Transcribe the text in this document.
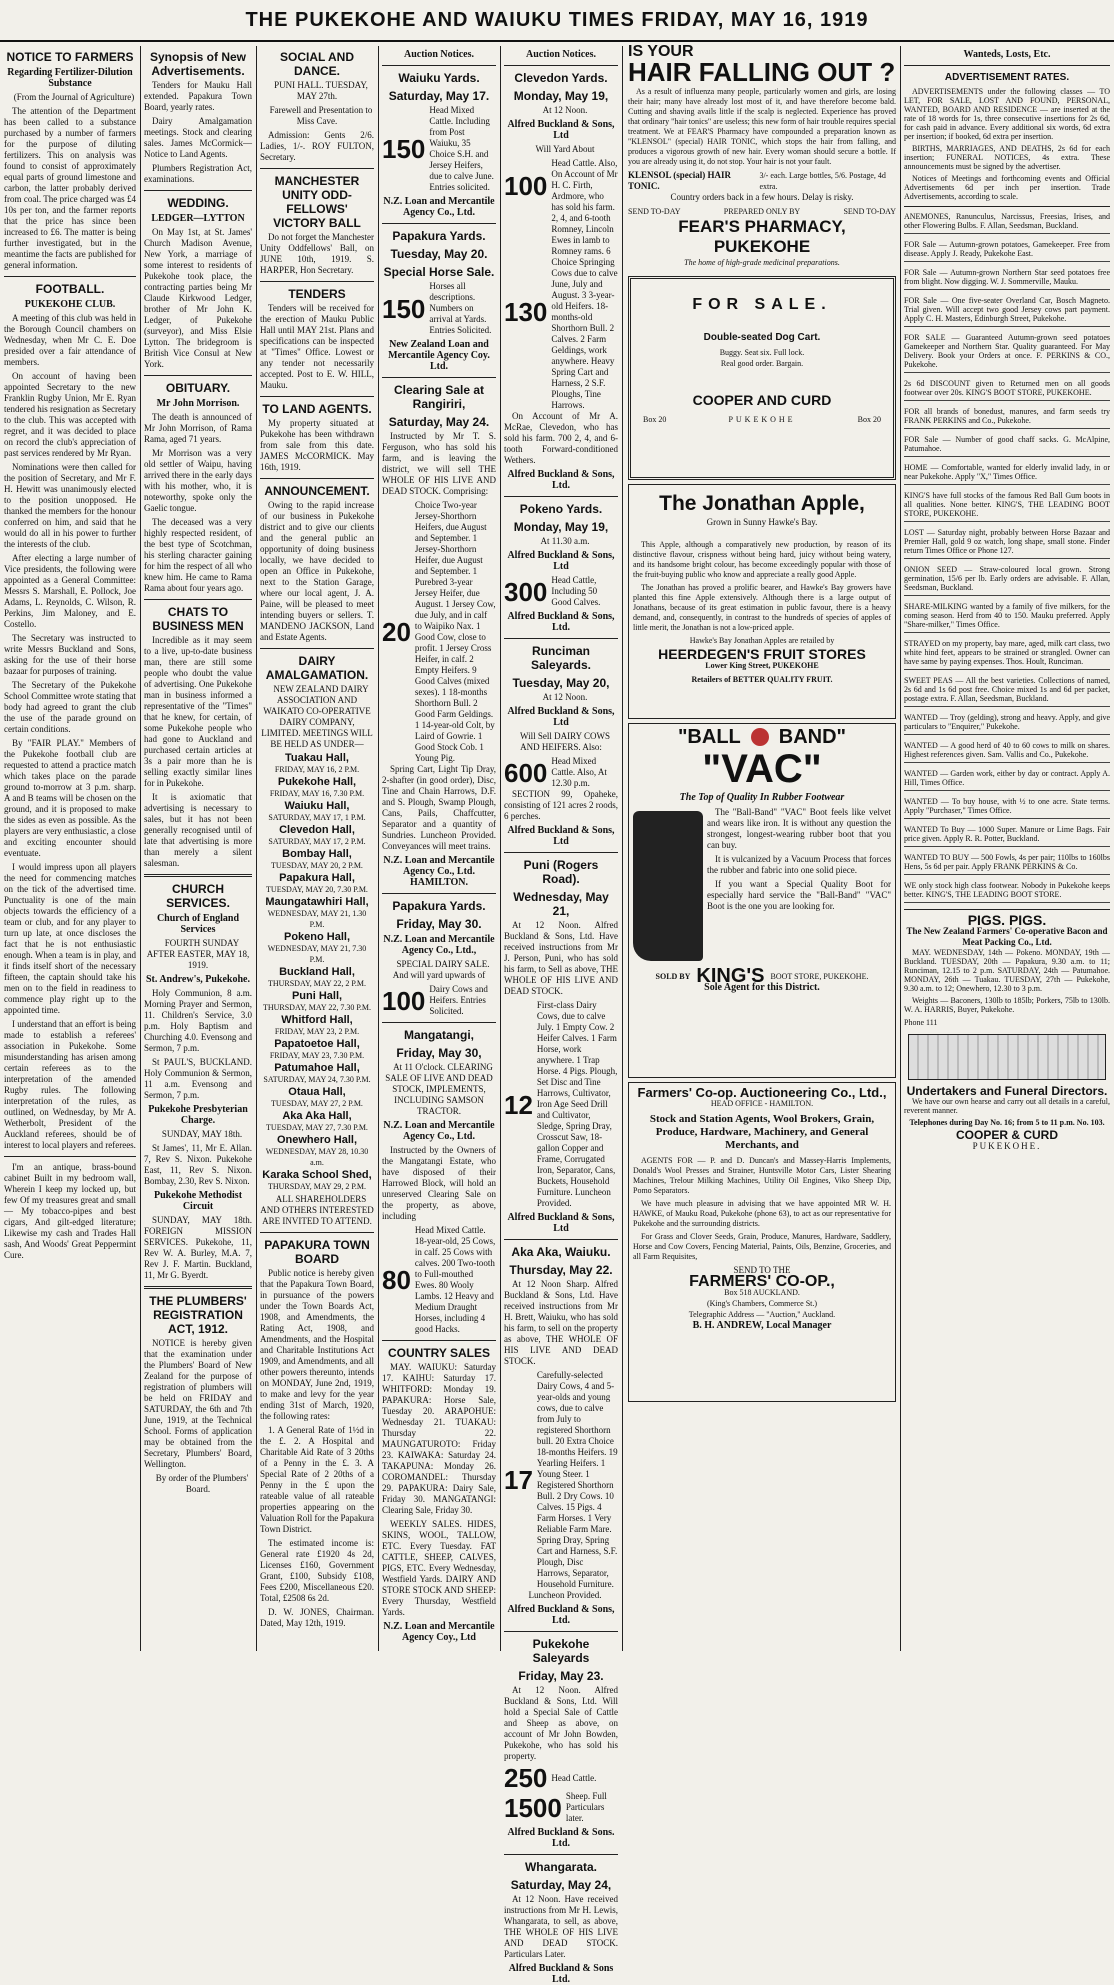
THE PUKEKOHE AND WAIUKU TIMES FRIDAY, MAY 16, 1919
NOTICE TO FARMERS
Regarding Fertilizer-Dilution Substance

(From the Journal of Agriculture)

The attention of the Department has been called to a substance purchased by a number of farmers for the purpose of diluting fertilizers. This on analysis was found to consist of approximately equal parts of ground limestone and carbon, the latter probably derived from coal. The price charged was £4 10s per ton, and the farmer reports that the price has since been increased to £6. The matter is being further investigated, but in the meantime the facts are published for general information.

FOOTBALL.
PUKEKOHE CLUB.

A meeting of this club was held in the Borough Council chambers on Wednesday, when Mr C. E. Doe presided over a fair attendance of members.

On account of having been appointed Secretary to the new Franklin Rugby Union, Mr E. Ryan tendered his resignation as Secretary to the club. This was accepted with regret, and it was decided to place on record the club's appreciation of past services rendered by Mr Ryan.

Nominations were then called for the position of Secretary, and Mr F. H. Hewitt was unanimously elected to the position unopposed. He thanked the members for the honour conferred on him, and said that he would do all in his power to further the interests of the club.

After electing a large number of Vice presidents, the following were appointed as a General Committee: Messrs S. Marshall, E. Pollock, Joe Adams, L. Reynolds, C. Wilson, R. Perkins, Jim Maloney, and E. Costello.

The Secretary was instructed to write Messrs Buckland and Sons, asking for the use of their horse bazaar for purposes of training.

The Secretary of the Pukekohe School Committee wrote stating that body had agreed to grant the club the use of the parade ground on certain conditions.

By "FAIR PLAY." Members of the Pukekohe football club are requested to attend a practice match which takes place on the parade ground to-morrow at 3 p.m. sharp. A and B teams will be chosen on the ground, and it is proposed to make the sides as even as possible. As the players are very enthusiastic, a close and exciting encounter should eventuate.

I would impress upon all players the need for commencing matches on the tick of the advertised time. Punctuality is one of the main objects towards the efficiency of a team or club, and for any player to turn up late, at once discloses the fact that he is not enthusiastic enough. When a team is in play, and it finds itself short of the necessary fifteen, the captain should take his men on to the field in readiness to commence play right up to the appointed time.

I understand that an effort is being made to establish a referees' association in Pukekohe. Some misunderstanding has arisen among certain referees as to the interpretation of the amended Rugby rules. The following interpretation of the rules, as outlined, on Wednesday, by Mr A. Wetherbolt, President of the Auckland referees, should be of interest to local players and referees.

I'm an antique, brass-bound cabinet Built in my bedroom wall, Wherein I keep my locked up, but few Of my treasures great and small — My tobacco-pipes and best cigars, And gilt-edged literature; Likewise my cash and Trades Hall sash, And Woods' Great Peppermint Cure.

Synopsis of New Advertisements.

Tenders for Mauku Hall extended. Papakura Town Board, yearly rates.

Dairy Amalgamation meetings. Stock and clearing sales. James McCormick—Notice to Land Agents.

Plumbers Registration Act, examinations.

WEDDING.
LEDGER—LYTTON

On May 1st, at St. James' Church Madison Avenue, New York, a marriage of some interest to residents of Pukekohe took place, the contracting parties being Mr Claude Kirkwood Ledger, brother of Mr John K. Ledger, of Pukekohe (surveyor), and Miss Elsie Lytton. The bridegroom is British Vice Consul at New York.

OBITUARY.
Mr John Morrison.

The death is announced of Mr John Morrison, of Rama Rama, aged 71 years.

Mr Morrison was a very old settler of Waipu, having arrived there in the early days with his mother, who, it is noteworthy, spoke only the Gaelic tongue.

The deceased was a very highly respected resident, of the best type of Scotchman, his sterling character gaining for him the respect of all who knew him. He came to Rama Rama about four years ago.

CHATS TO BUSINESS MEN

Incredible as it may seem to a live, up-to-date business man, there are still some people who doubt the value of advertising. One Pukekohe man in business informed a representative of the "Times" that he knew, for certain, of some Pukekohe people who had gone to Auckland and purchased certain articles at 3s a pair more than he is selling exactly similar lines for in Pukekohe.

It is axiomatic that advertising is necessary to sales, but it has not been generally recognised until of late that advertising is more than merely a silent salesman.

CHURCH SERVICES.
Church of England Services

FOURTH SUNDAY AFTER EASTER, MAY 18, 1919.

St. Andrew's, Pukekohe.

Holy Communion, 8 a.m. Morning Prayer and Sermon, 11. Children's Service, 3.0 p.m. Holy Baptism and Churching 4.0. Evensong and Sermon, 7 p.m.

St PAUL'S, BUCKLAND. Holy Communion & Sermon, 11 a.m. Evensong and Sermon, 7 p.m.

Pukekohe Presbyterian Charge.

SUNDAY, MAY 18th.

St James', 11, Mr E. Allan. 7, Rev S. Nixon. Pukekohe East, 11, Rev S. Nixon. Bombay, 2.30, Rev S. Nixon.

Pukekohe Methodist Circuit

SUNDAY, MAY 18th. FOREIGN MISSION SERVICES. Pukekohe, 11, Rev W. A. Burley, M.A. 7, Rev J. F. Martin. Buckland, 11, Mr G. Byerdt.

THE PLUMBERS' REGISTRATION ACT, 1912.

NOTICE is hereby given that the examination under the Plumbers' Board of New Zealand for the purpose of registration of plumbers will be held on FRIDAY and SATURDAY, the 6th and 7th June, 1919, at the Technical School. Forms of application may be obtained from the Secretary, Plumbers' Board, Wellington.

By order of the Plumbers' Board.

SOCIAL AND DANCE.

PUNI HALL. TUESDAY, MAY 27th.

Farewell and Presentation to Miss Cave.

Admission: Gents 2/6. Ladies, 1/-. ROY FULTON, Secretary.

MANCHESTER UNITY ODD-FELLOWS' VICTORY BALL

Do not forget the Manchester Unity Oddfellows' Ball, on JUNE 10th, 1919. S. HARPER, Hon Secretary.

TENDERS

Tenders will be received for the erection of Mauku Public Hall until MAY 21st. Plans and specifications can be inspected at "Times" Office. Lowest or any tender not necessarily accepted. Post to E. W. HILL, Mauku.

TO LAND AGENTS.

My property situated at Pukekohe has been withdrawn from sale from this date. JAMES McCORMICK. May 16th, 1919.

ANNOUNCEMENT.

Owing to the rapid increase of our business in Pukekohe district and to give our clients and the general public an opportunity of doing business locally, we have decided to open an Office in Pukekohe, next to the Station Garage, where our local agent, J. A. Paine, will be pleased to meet intending buyers or sellers. T. MANDENO JACKSON, Land and Estate Agents.

DAIRY AMALGAMATION.

NEW ZEALAND DAIRY ASSOCIATION AND WAIKATO CO-OPERATIVE DAIRY COMPANY, LIMITED. MEETINGS WILL BE HELD AS UNDER—

Tuakau Hall,
FRIDAY, MAY 16, 2 P.M.
Pukekohe Hall,
FRIDAY, MAY 16, 7.30 P.M.
Waiuku Hall,
SATURDAY, MAY 17, 1 P.M.
Clevedon Hall,
SATURDAY, MAY 17, 2 P.M.
Bombay Hall,
TUESDAY, MAY 20, 2 P.M.
Papakura Hall,
TUESDAY, MAY 20, 7.30 P.M.
Maungatawhiri Hall,
WEDNESDAY, MAY 21, 1.30 P.M.
Pokeno Hall,
WEDNESDAY, MAY 21, 7.30 P.M.
Buckland Hall,
THURSDAY, MAY 22, 2 P.M.
Puni Hall,
THURSDAY, MAY 22, 7.30 P.M.
Whitford Hall,
FRIDAY, MAY 23, 2 P.M.
Papatoetoe Hall,
FRIDAY, MAY 23, 7.30 P.M.
Patumahoe Hall,
SATURDAY, MAY 24, 7.30 P.M.
Otaua Hall,
TUESDAY, MAY 27, 2 P.M.
Aka Aka Hall,
TUESDAY, MAY 27, 7.30 P.M.
Onewhero Hall,
WEDNESDAY, MAY 28, 10.30 a.m.
Karaka School Shed,
THURSDAY, MAY 29, 2 P.M.

ALL SHAREHOLDERS AND OTHERS INTERESTED ARE INVITED TO ATTEND.

PAPAKURA TOWN BOARD

Public notice is hereby given that the Papakura Town Board, in pursuance of the powers under the Town Boards Act, 1908, and Amendments, the Rating Act, 1908, and Amendments, and the Hospital and Charitable Institutions Act 1909, and Amendments, and all other powers thereunto, intends on MONDAY, June 2nd, 1919, to make and levy for the year ending 31st of March, 1920, the following rates:

1. A General Rate of 1½d in the £. 2. A Hospital and Charitable Aid Rate of 3 20ths of a Penny in the £. 3. A Special Rate of 2 20ths of a Penny in the £ upon the rateable value of all rateable properties appearing on the Valuation Roll for the Papakura Town District.

The estimated income is: General rate £1920 4s 2d, Licenses £160, Government Grant, £100, Subsidy £108, Fees £200, Miscellaneous £20. Total, £2508 6s 2d.

D. W. JONES, Chairman. Dated, May 12th, 1919.

Auction Notices.
Waiuku Yards.
Saturday, May 17.
150
Head Mixed Cattle. Including from Post Waiuku, 35 Choice S.H. and Jersey Heifers, due to calve June. Entries solicited.
N.Z. Loan and Mercantile Agency Co., Ltd.
Papakura Yards.
Tuesday, May 20.
Special Horse Sale.
150
Horses all descriptions. Numbers on arrival at Yards. Entries Solicited.
New Zealand Loan and Mercantile Agency Coy. Ltd.
Clearing Sale at Rangiriri,
Saturday, May 24.

Instructed by Mr T. S. Ferguson, who has sold his farm, and is leaving the district, we will sell THE WHOLE OF HIS LIVE AND DEAD STOCK. Comprising:

20
Choice Two-year Jersey-Shorthorn Heifers, due August and September. 1 Jersey-Shorthorn Heifer, due August and September. 1 Purebred 3-year Jersey Heifer, due August. 1 Jersey Cow, due July, and in calf to Waipiko Nax. 1 Good Cow, close to profit. 1 Jersey Cross Heifer, in calf. 2 Empty Heifers. 9 Good Calves (mixed sexes). 1 18-months Shorthorn Bull. 2 Good Farm Geldings. 1 14-year-old Colt, by Laird of Gowrie. 1 Good Stock Cob. 1 Young Pig.

Spring Cart, Light Tip Dray, 2-shafter (in good order), Disc, Tine and Chain Harrows, D.F. and S. Plough, Swamp Plough, Cans, Pails, Chaffcutter, Separator and a quantity of Sundries. Luncheon Provided. Conveyances will meet trains.

N.Z. Loan and Mercantile Agency Co., Ltd. HAMILTON.
Papakura Yards.
Friday, May 30.
N.Z. Loan and Mercantile Agency Co., Ltd.,

SPECIAL DAIRY SALE. And will yard upwards of

100 Dairy Cows and Heifers. Entries Solicited.
Mangatangi,
Friday, May 30,

At 11 O'clock. CLEARING SALE OF LIVE AND DEAD STOCK, IMPLEMENTS, INCLUDING SAMSON TRACTOR.

N.Z. Loan and Mercantile Agency Co., Ltd.

Instructed by the Owners of the Mangatangi Estate, who have disposed of their Harrowed Block, will hold an unreserved Clearing Sale on the property, as above, including

80
Head Mixed Cattle. 18-year-old, 25 Cows, in calf. 25 Cows with calves. 200 Two-tooth to Full-mouthed Ewes. 80 Wooly Lambs. 12 Heavy and Medium Draught Horses, including 4 good Hacks.
COUNTRY SALES

MAY. WAIUKU: Saturday 17. KAIHU: Saturday 17. WHITFORD: Monday 19. PAPAKURA: Horse Sale, Tuesday 20. ARAPOHUE: Wednesday 21. TUAKAU: Thursday 22. MAUNGATUROTO: Friday 23. KAIWAKA: Saturday 24. TAKAPUNA: Monday 26. COROMANDEL: Thursday 29. PAPAKURA: Dairy Sale, Friday 30. MANGATANGI: Clearing Sale, Friday 30.

WEEKLY SALES. HIDES, SKINS, WOOL, TALLOW, ETC. Every Tuesday. FAT CATTLE, SHEEP, CALVES, PIGS, ETC. Every Wednesday, Westfield Yards. DAIRY AND STORE STOCK AND SHEEP: Every Thursday, Westfield Yards.

N.Z. Loan and Mercantile Agency Coy., Ltd
Auction Notices.
Clevedon Yards.
Monday, May 19,

At 12 Noon.

Alfred Buckland & Sons, Ltd

Will Yard About

100
Head Cattle. Also, On Account of Mr H. C. Firth, Ardmore, who has sold his farm.
130
2, 4, and 6-tooth Romney, Lincoln Ewes in lamb to Romney rams. 6 Choice Springing Cows due to calve June, July and August. 3 3-year-old Heifers. 18-months-old Shorthorn Bull. 2 Calves. 2 Farm Geldings, work anywhere. Heavy Spring Cart and Harness, 2 S.F. Ploughs, Tine Harrows.

On Account of Mr A. McRae, Clevedon, who has sold his farm. 700 2, 4, and 6-tooth Forward-conditioned Wethers.

Alfred Buckland & Sons, Ltd.
Pokeno Yards.
Monday, May 19,

At 11.30 a.m.

Alfred Buckland & Sons, Ltd
300 Head Cattle, Including 50 Good Calves.
Alfred Buckland & Sons, Ltd.
Runciman Saleyards.
Tuesday, May 20,

At 12 Noon.

Alfred Buckland & Sons, Ltd

Will Sell DAIRY COWS AND HEIFERS. Also:

600 Head Mixed Cattle. Also, At 12.30 p.m.

SECTION 99, Opaheke, consisting of 121 acres 2 roods, 6 perches.

Alfred Buckland & Sons, Ltd
Puni (Rogers Road).
Wednesday, May 21,

At 12 Noon. Alfred Buckland & Sons, Ltd. Have received instructions from Mr J. Person, Puni, who has sold his farm, to Sell as above, THE WHOLE OF HIS LIVE AND DEAD STOCK.

12
First-class Dairy Cows, due to calve July. 1 Empty Cow. 2 Heifer Calves. 1 Farm Horse, work anywhere. 1 Trap Horse. 4 Pigs. Plough, Set Disc and Tine Harrows, Cultivator, Iron Age Seed Drill and Cultivator, Sledge, Spring Dray, Crosscut Saw, 18-gallon Copper and Frame, Corrugated Iron, Separator, Cans, Buckets, Household Furniture. Luncheon Provided.
Alfred Buckland & Sons, Ltd
Aka Aka, Waiuku.
Thursday, May 22.

At 12 Noon Sharp. Alfred Buckland & Sons, Ltd. Have received instructions from Mr H. Brett, Waiuku, who has sold his farm, to sell on the property as above, THE WHOLE OF HIS LIVE AND DEAD STOCK.

17
Carefully-selected Dairy Cows, 4 and 5-year-olds and young cows, due to calve from July to registered Shorthorn bull. 20 Extra Choice 18-months Heifers. 19 Yearling Heifers. 1 Young Steer. 1 Registered Shorthorn Bull. 2 Dry Cows. 10 Calves. 15 Pigs. 4 Farm Horses. 1 Very Reliable Farm Mare. Spring Dray, Spring Cart and Harness, S.F. Plough, Disc Harrows, Separator, Household Furniture.

Luncheon Provided.

Alfred Buckland & Sons, Ltd.
Pukekohe Saleyards
Friday, May 23.

At 12 Noon. Alfred Buckland & Sons, Ltd. Will hold a Special Sale of Cattle and Sheep as above, on account of Mr John Bowden, Pukekohe, who has sold his property.

250 Head Cattle.
1500 Sheep. Full Particulars later.
Alfred Buckland & Sons. Ltd.
Whangarata.
Saturday, May 24,

At 12 Noon. Have received instructions from Mr H. Lewis, Whangarata, to sell, as above, THE WHOLE OF HIS LIVE AND DEAD STOCK. Particulars Later.

Alfred Buckland & Sons Ltd.
IS YOUR
HAIR FALLING OUT ?

As a result of influenza many people, particularly women and girls, are losing their hair; many have already lost most of it, and have therefore become bald. Cutting and shaving avails little if the scalp is neglected. Experience has proved that ordinary "hair tonics" are useless; this new form of hair trouble requires special treatment. We at FEAR'S Pharmacy have compounded a preparation known as "KLENSOL" (special) HAIR TONIC, which stops the hair from falling, and produces a vigorous growth of new hair. Every woman should secure a bottle. If you are already using it, do not stop. Your hair is not your fault.

KLENSOL (special) HAIR TONIC.
3/- each. Large bottles, 5/6. Postage, 4d extra.

Country orders back in a few hours. Delay is risky.

SEND TO-DAY	PREPARED ONLY BY	SEND TO-DAY
FEAR'S PHARMACY, PUKEKOHE
The home of high-grade medicinal preparations.
FOR SALE.
Double-seated Dog Cart.
Buggy. Seat six. Full lock.
Real good order. Bargain.
COOPER AND CURD
Box 20	PUKEKOHE	Box 20
The Jonathan Apple,
Grown in Sunny Hawke's Bay.

This Apple, although a comparatively new production, by reason of its distinctive flavour, crispness without being hard, juicy without being watery, and its handsome bright colour, has become exceedingly popular with those of the fruit-buying public who know and appreciate a really good Apple.

The Jonathan has proved a prolific bearer, and Hawke's Bay growers have planted this fine Apple extensively. Although there is a large output of Jonathans, because of its great estimation in public favour, there is a heavy demand, and, consequently, in contrast to the hundreds of species of apples of little merit, the Jonathan is not a low-priced apple.

Hawke's Bay Jonathan Apples are retailed by

HEERDEGEN'S FRUIT STORES
Lower King Street, PUKEKOHE
Retailers of BETTER QUALITY FRUIT.
"BALL BAND"
"VAC"
The Top of Quality In Rubber Footwear

The "Ball-Band" "VAC" Boot feels like velvet and wears like iron. It is without any question the strongest, longest-wearing rubber boot that you can buy.

It is vulcanized by a Vacuum Process that forces the rubber and fabric into one solid piece.

If you want a Special Quality Boot for especially hard service the "Ball-Band" "VAC" Boot is the one you are looking for.

SOLD BY KING'S BOOT STORE, PUKEKOHE.
Sole Agent for this District.
Farmers' Co-op. Auctioneering Co., Ltd.,
HEAD OFFICE - HAMILTON.
Stock and Station Agents, Wool Brokers, Grain, Produce, Hardware, Machinery, and General Merchants, and

AGENTS FOR — P. and D. Duncan's and Massey-Harris Implements, Donald's Wool Presses and Strainer, Huntsville Motor Cars, Lister Shearing Machines, Trelour Milking Machines, Utility Oil Engines, Viko Sheep Dip, Pomo Separators.

We have much pleasure in advising that we have appointed MR W. H. HAWKE, of Mauku Road, Pukekohe (phone 63), to act as our representative for Pukekohe and the surrounding districts.

For Grass and Clover Seeds, Grain, Produce, Manures, Hardware, Saddlery, Horse and Cow Covers, Fencing Material, Paints, Oils, Benzine, Groceries, and all Farm Requisites,

SEND TO THE
FARMERS' CO-OP.,
Box 518 AUCKLAND.
(King's Chambers, Commerce St.)
Telegraphic Address — "Auction," Auckland.
B. H. ANDREW, Local Manager
Wanteds, Losts, Etc.
ADVERTISEMENT RATES.

ADVERTISEMENTS under the following classes — TO LET, FOR SALE, LOST AND FOUND, PERSONAL, WANTED, BOARD AND RESIDENCE — are inserted at the rate of 18 words for 1s, three consecutive insertions for 2s 6d, for cash paid in advance. Every additional six words, 6d extra per insertion; if booked, 6d extra per insertion.

BIRTHS, MARRIAGES, AND DEATHS, 2s 6d for each insertion; FUNERAL NOTICES, 4s extra. These announcements must be signed by the advertiser.

Notices of Meetings and forthcoming events and Official Advertisements 6d per inch per insertion. Trade Advertisements, according to scale.

ANEMONES, Ranunculus, Narcissus, Freesias, Irises, and other Flowering Bulbs. F. Allan, Seedsman, Buckland.
FOR Sale — Autumn-grown potatoes, Gamekeeper. Free from disease. Apply J. Ready, Pukekohe East.
FOR Sale — Autumn-grown Northern Star seed potatoes free from blight. Now digging. W. J. Sommerville, Mauku.
FOR Sale — One five-seater Overland Car, Bosch Magneto. Trial given. Will accept two good Jersey cows part payment. Apply C. H. Masters, Edinburgh Street, Pukekohe.
FOR SALE — Guaranteed Autumn-grown seed potatoes Gamekeeper and Northern Star. Quality guaranteed. For May Delivery. Book your Orders at once. F. PERKINS & CO., Pukekohe.
2s 6d DISCOUNT given to Returned men on all goods footwear over 20s. KING'S BOOT STORE, PUKEKOHE.
FOR all brands of bonedust, manures, and farm seeds try FRANK PERKINS and Co., Pukekohe.
FOR Sale — Number of good chaff sacks. G. McAlpine, Patumahoe.
HOME — Comfortable, wanted for elderly invalid lady, in or near Pukekohe. Apply "X," Times Office.
KING'S have full stocks of the famous Red Ball Gum boots in all qualities. None better. KING'S, THE LEADING BOOT STORE, PUKEKOHE.
LOST — Saturday night, probably between Horse Bazaar and Premier Hall, gold 9 oz watch, long shape, small stone. Finder return Times Office or Phone 127.
ONION SEED — Straw-coloured local grown. Strong germination, 15/6 per lb. Early orders are advisable. F. Allan, Seedsman, Buckland.
SHARE-MILKING wanted by a family of five milkers, for the coming season. Herd from 40 to 150. Mauku preferred. Apply "Share-milker," Times Office.
STRAYED on my property, bay mare, aged, milk cart class, two white hind feet, appears to be strained or strangled. Owner can have same by paying expenses. Thos. Hoult, Runciman.
SWEET PEAS — All the best varieties. Collections of named, 2s 6d and 1s 6d post free. Choice mixed 1s and 6d per packet, postage extra. F. Allan, Seedsman, Buckland.
WANTED — Troy (gelding), strong and heavy. Apply, and give particulars to "Enquirer," Pukekohe.
WANTED — A good herd of 40 to 60 cows to milk on shares. Highest references given. Sam. Vallis and Co., Pukekohe.
WANTED — Garden work, either by day or contract. Apply A. Hill, Times Office.
WANTED — To buy house, with ½ to one acre. State terms. Apply "Purchaser," Times Office.
WANTED To Buy — 1000 Super. Manure or Lime Bags. Fair price given. Apply R. R. Potter, Buckland.
WANTED TO BUY — 500 Fowls, 4s per pair; 110lbs to 160lbs Hens, 5s 6d per pair. Apply FRANK PERKINS & Co.
WE only stock high class footwear. Nobody in Pukekohe keeps better. KING'S, THE LEADING BOOT STORE.
PIGS. PIGS.
The New Zealand Farmers' Co-operative Bacon and Meat Packing Co., Ltd.

MAY. WEDNESDAY, 14th — Pokeno. MONDAY, 19th — Buckland. TUESDAY, 20th — Papakura, 9.30 a.m. to 11; Runciman, 12.15 to 2 p.m. SATURDAY, 24th — Patumahoe. MONDAY, 26th — Tuakau. TUESDAY, 27th — Pukekohe, 9.30 a.m. to 12; Onewhero, 12.30 to 3 p.m.

Weights — Baconers, 130lb to 185lb; Porkers, 75lb to 130lb. W. A. HARRIS, Buyer, Pukekohe.

Phone 111
Undertakers and Funeral Directors.

We have our own hearse and carry out all details in a careful, reverent manner.

Telephones during Day No. 16; from 5 to 11 p.m. No. 103.

COOPER & CURD
PUKEKOHE.
